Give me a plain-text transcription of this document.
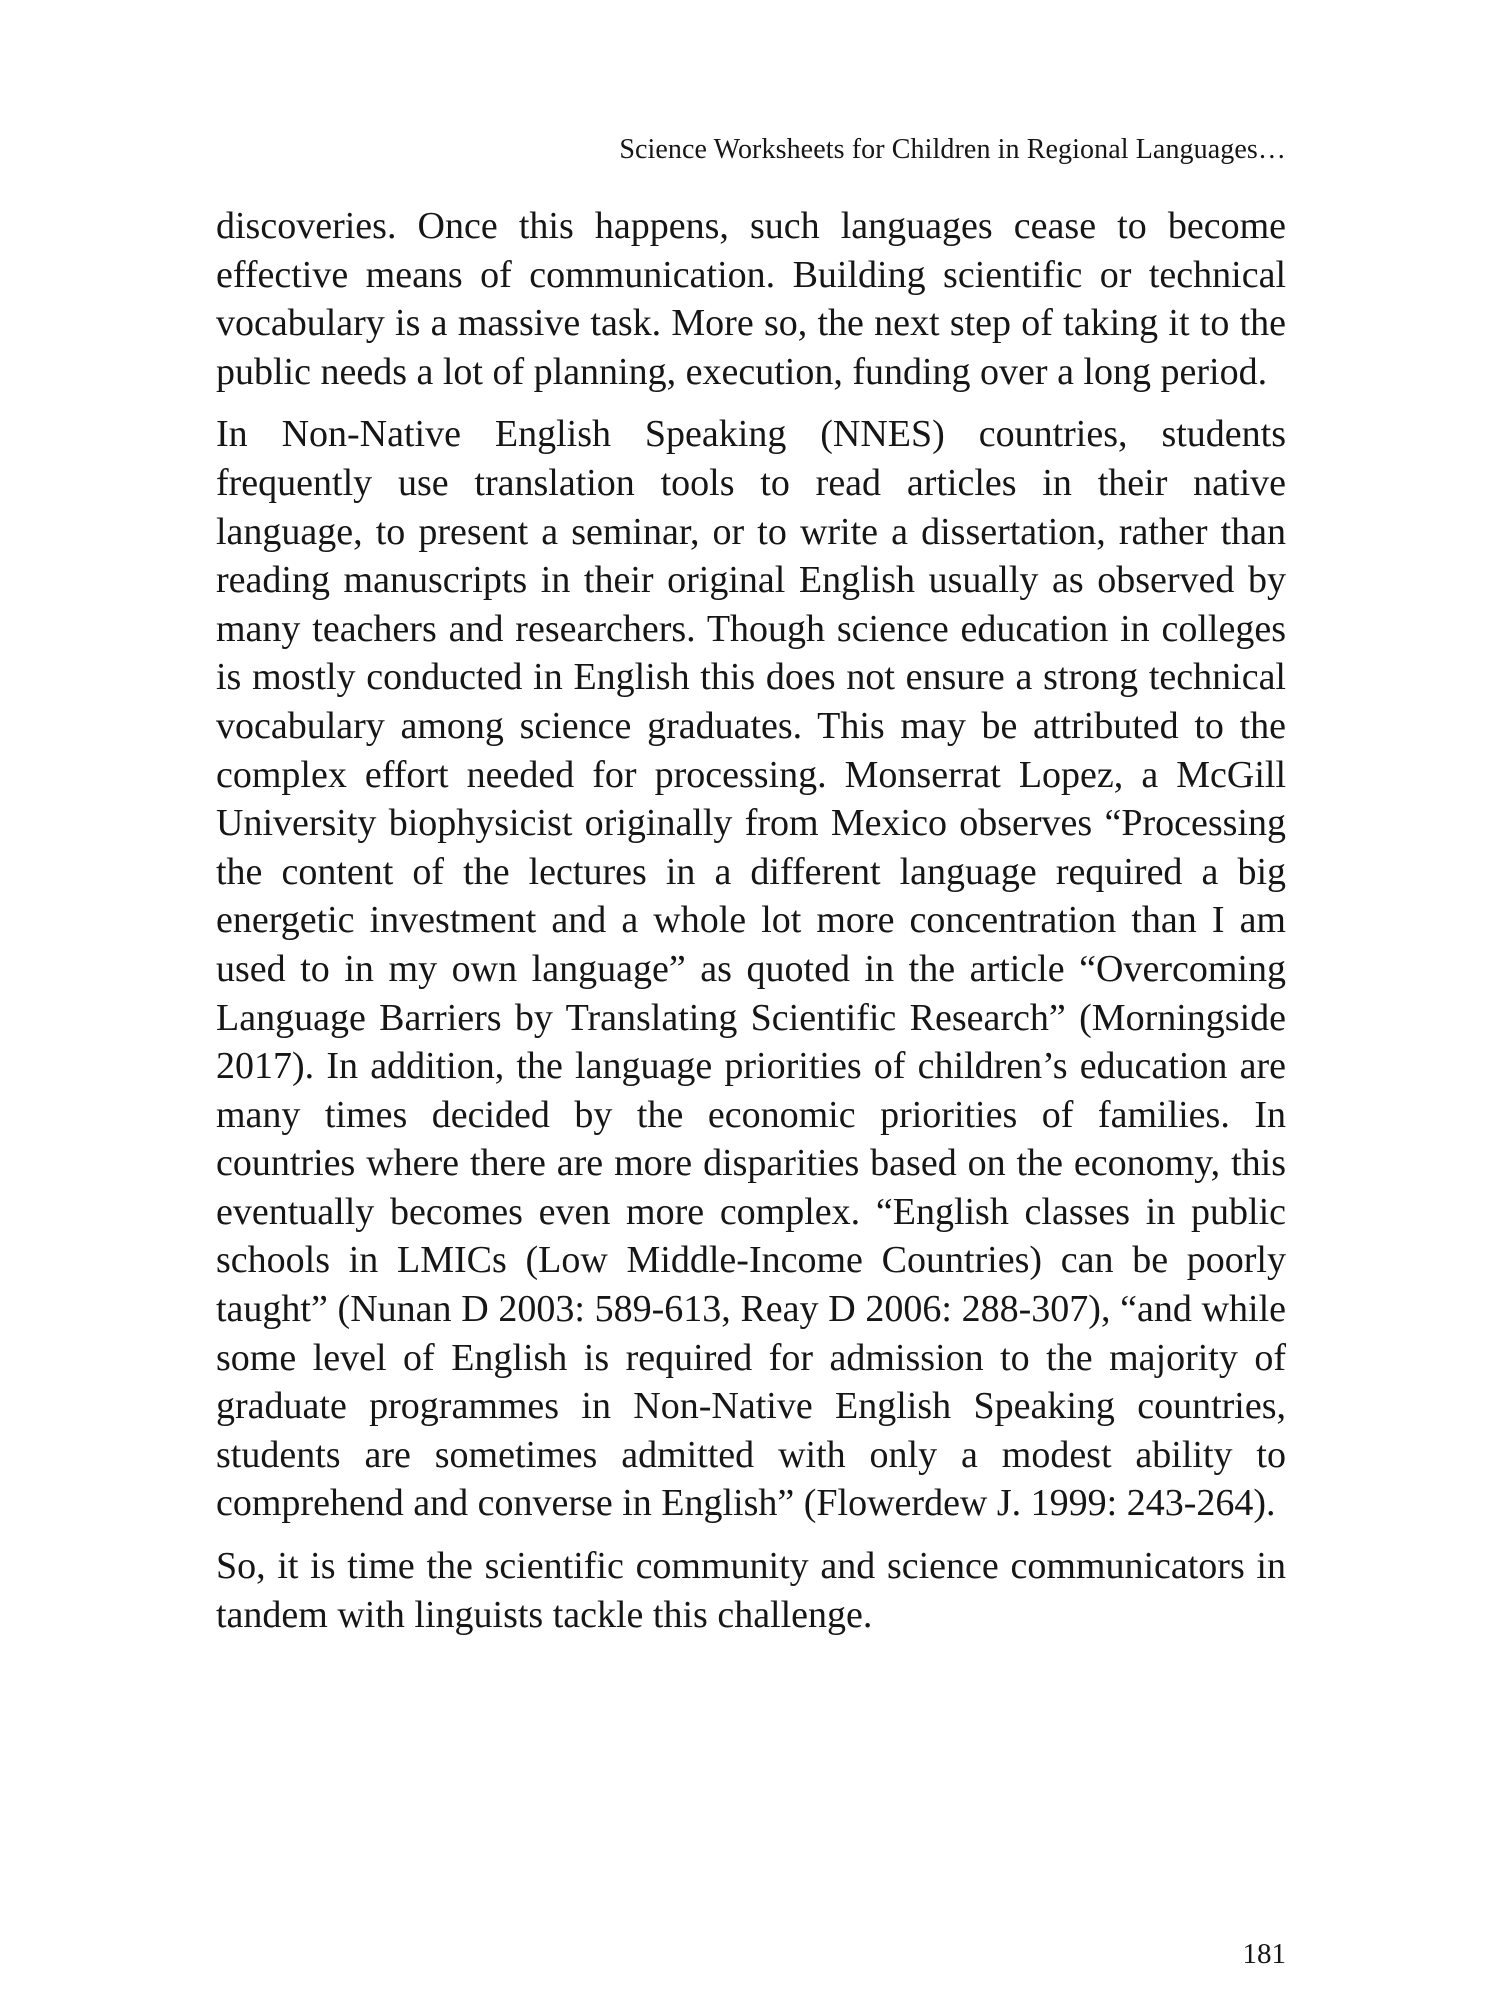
Science Worksheets for Children in Regional Languages…

discoveries. Once this happens, such languages cease to become effective means of communication. Building scientific or technical vocabulary is a massive task. More so, the next step of taking it to the public needs a lot of planning, execution, funding over a long period.

In Non-Native English Speaking (NNES) countries, students frequently use translation tools to read articles in their native language, to present a seminar, or to write a dissertation, rather than reading manuscripts in their original English usually as observed by many teachers and researchers. Though science education in colleges is mostly conducted in English this does not ensure a strong technical vocabulary among science graduates. This may be attributed to the complex effort needed for processing. Monserrat Lopez, a McGill University biophysicist originally from Mexico observes “Processing the content of the lectures in a different language required a big energetic investment and a whole lot more concentration than I am used to in my own language” as quoted in the article “Overcoming Language Barriers by Translating Scientific Research” (Morningside 2017). In addition, the language priorities of children’s education are many times decided by the economic priorities of families. In countries where there are more disparities based on the economy, this eventually becomes even more complex. “English classes in public schools in LMICs (Low Middle-Income Countries) can be poorly taught” (Nunan D 2003: 589-613, Reay D 2006: 288-307), “and while some level of English is required for admission to the majority of graduate programmes in Non-Native English Speaking countries, students are sometimes admitted with only a modest ability to comprehend and converse in English” (Flowerdew J. 1999: 243-264).

So, it is time the scientific community and science communicators in tandem with linguists tackle this challenge.

181
